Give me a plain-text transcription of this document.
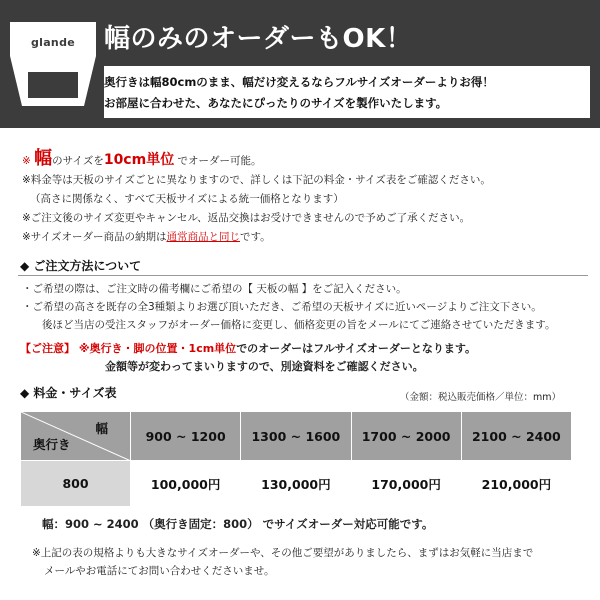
glande	幅のみのオーダーもOK！
奥行きは幅80cmのまま、幅だけ変えるならフルサイズオーダーよりお得！
お部屋に合わせた、あなたにぴったりのサイズを製作いたします。
※ 幅のサイズを10cm単位 でオーダー可能。
※料金等は天板のサイズごとに異なりますので、詳しくは下記の料金・サイズ表をご確認ください。
（高さに関係なく、すべて天板サイズによる統一価格となります）
※ご注文後のサイズ変更やキャンセル、返品交換はお受けできませんので予めご了承ください。
※サイズオーダー商品の納期は通常商品と同じです。
◆ ご注文方法について
・ご希望の際は、ご注文時の備考欄にご希望の【 天板の幅 】をご記入ください。
・ご希望の高さを既存の全3種類よりお選び頂いただき、ご希望の天板サイズに近いページよりご注文下さい。
後ほど当店の受注スタッフがオーダー価格に変更し、価格変更の旨をメールにてご連絡させていただきます。
【ご注意】 ※奥行き・脚の位置・1cm単位でのオーダーはフルサイズオーダーとなります。
金額等が変わってまいりますので、別途資料をご確認ください。
◆ 料金・サイズ表	（金額：税込販売価格／単位：mm）
幅
奥行き	900 ~ 1200	1300 ~ 1600	1700 ~ 2000	2100 ~ 2400
800	100,000円	130,000円	170,000円	210,000円
幅：900 ~ 2400 （奥行き固定：800） でサイズオーダー対応可能です。
※上記の表の規格よりも大きなサイズオーダーや、その他ご要望がありましたら、まずはお気軽に当店まで
メールやお電話にてお問い合わせくださいませ。
